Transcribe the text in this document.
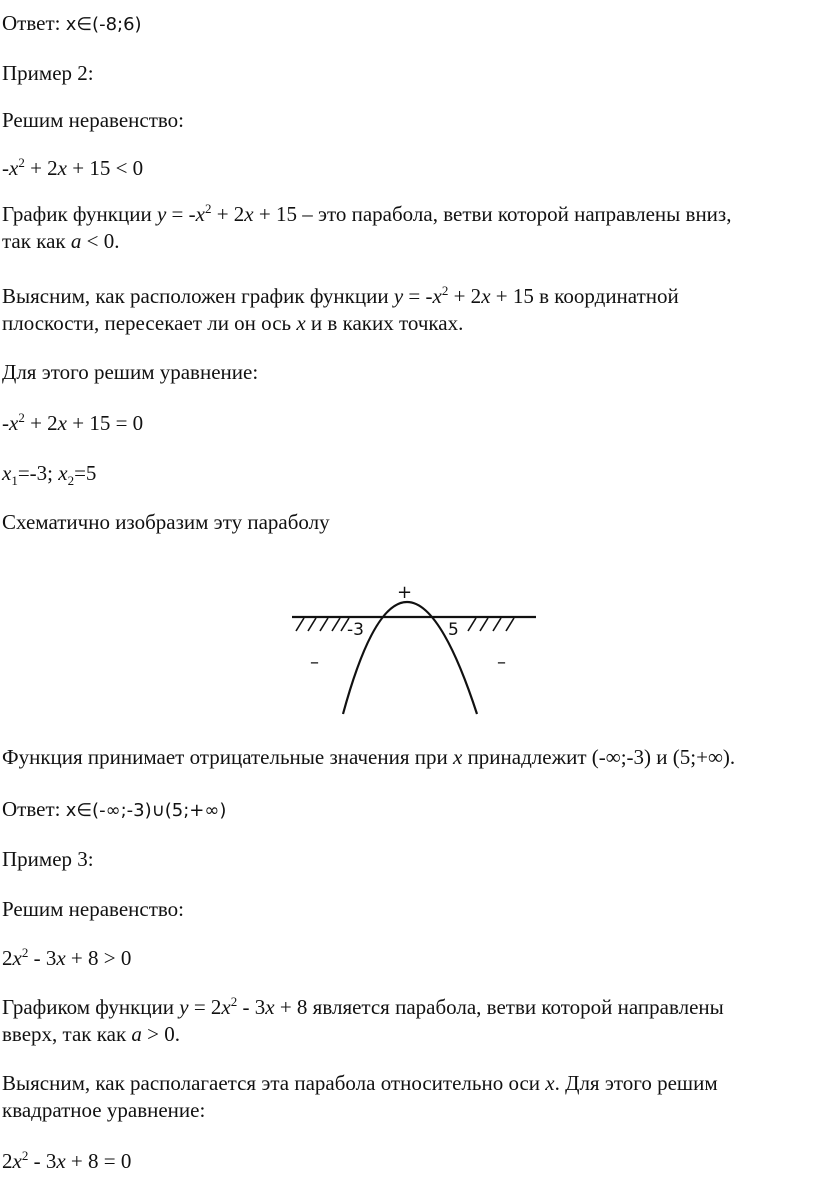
Ответ: x∈(-8;6)
Пример 2:
Решим неравенство:
$-x^2 + 2x + 15 < 0$
График функции $y = -x^2 + 2x + 15$ – это парабола, ветви которой направлены вниз,
так как a < 0.
Выясним, как расположен график функции $y = -x^2 + 2x + 15$ в координатной
плоскости, пересекает ли он ось x и в каких точках.
Для этого решим уравнение:
$-x^2 + 2x + 15 = 0$
$x_1=-3$; $x_2=5$
Схематично изобразим эту параболу
-3	5
+
–	–
Функция принимает отрицательные значения при x принадлежит (-∞;-3) и (5;+∞).
Ответ: x∈(-∞;-3)∪(5;+∞)
Пример 3:
Решим неравенство:
$2x^2 - 3x + 8 > 0$
Графиком функции $y = 2x^2 - 3x + 8$ является парабола, ветви которой направлены
вверх, так как a > 0.
Выясним, как располагается эта парабола относительно оси x. Для этого решим
квадратное уравнение:
$2x^2 - 3x + 8 = 0$
